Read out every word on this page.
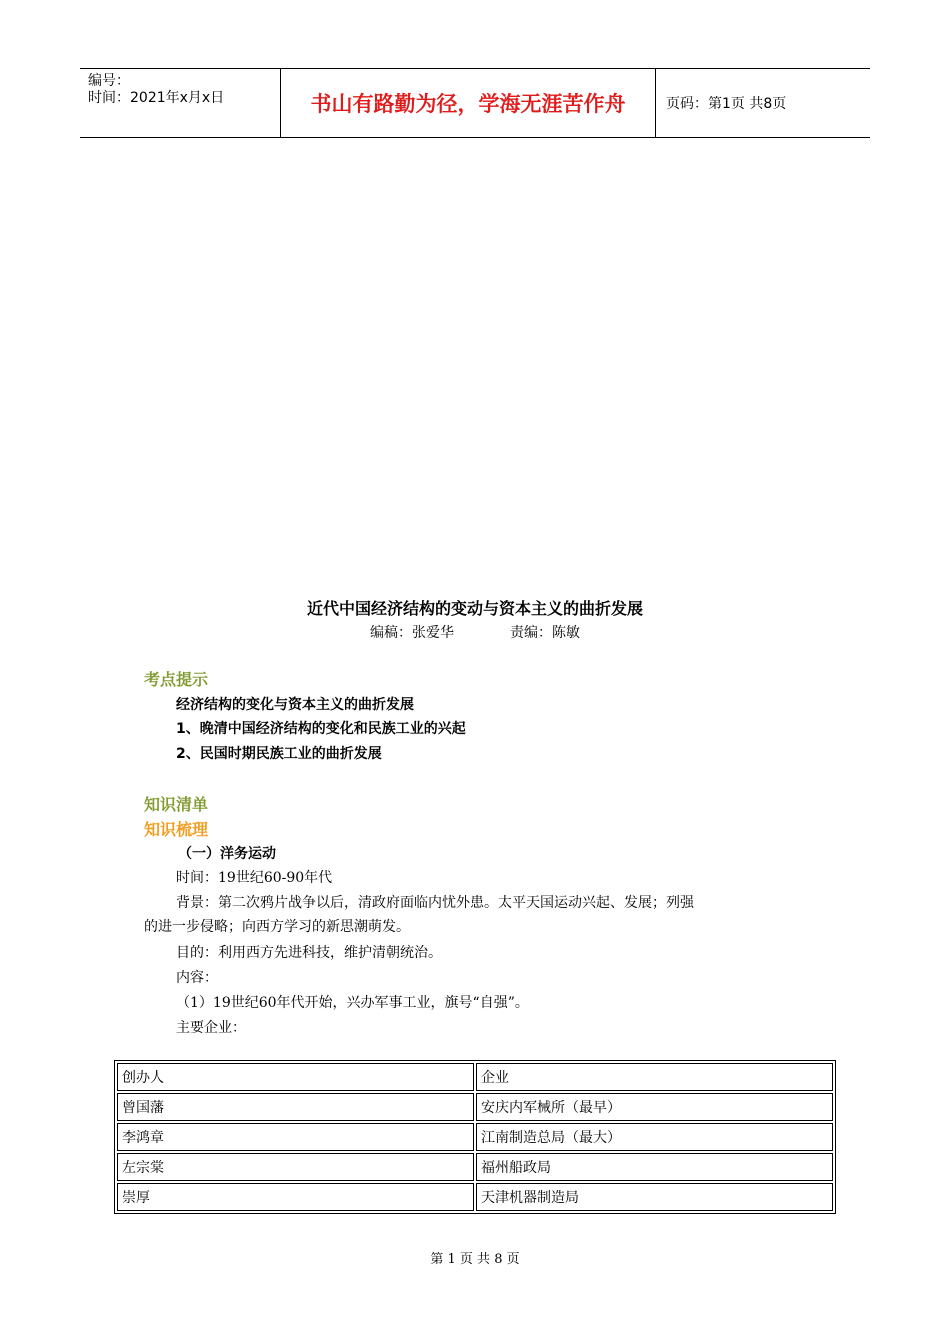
编号：
时间：2021年x月x日	书山有路勤为径，学海无涯苦作舟	页码：第1页 共8页
近代中国经济结构的变动与资本主义的曲折发展
编稿：张爱华	责编：陈敏
考点提示
经济结构的变化与资本主义的曲折发展
1、晚清中国经济结构的变化和民族工业的兴起
2、民国时期民族工业的曲折发展
知识清单
知识梳理
（一）洋务运动
时间：19世纪60-90年代
背景：第二次鸦片战争以后，清政府面临内忧外患。太平天国运动兴起、发展；列强
的进一步侵略；向西方学习的新思潮萌发。
目的：利用西方先进科技，维护清朝统治。
内容：
（1）19世纪60年代开始，兴办军事工业，旗号“自强”。
主要企业：
创办人	企业
曾国藩	安庆内军械所（最早）
李鸿章	江南制造总局（最大）
左宗棠	福州船政局
崇厚	天津机器制造局
第 1 页 共 8 页
